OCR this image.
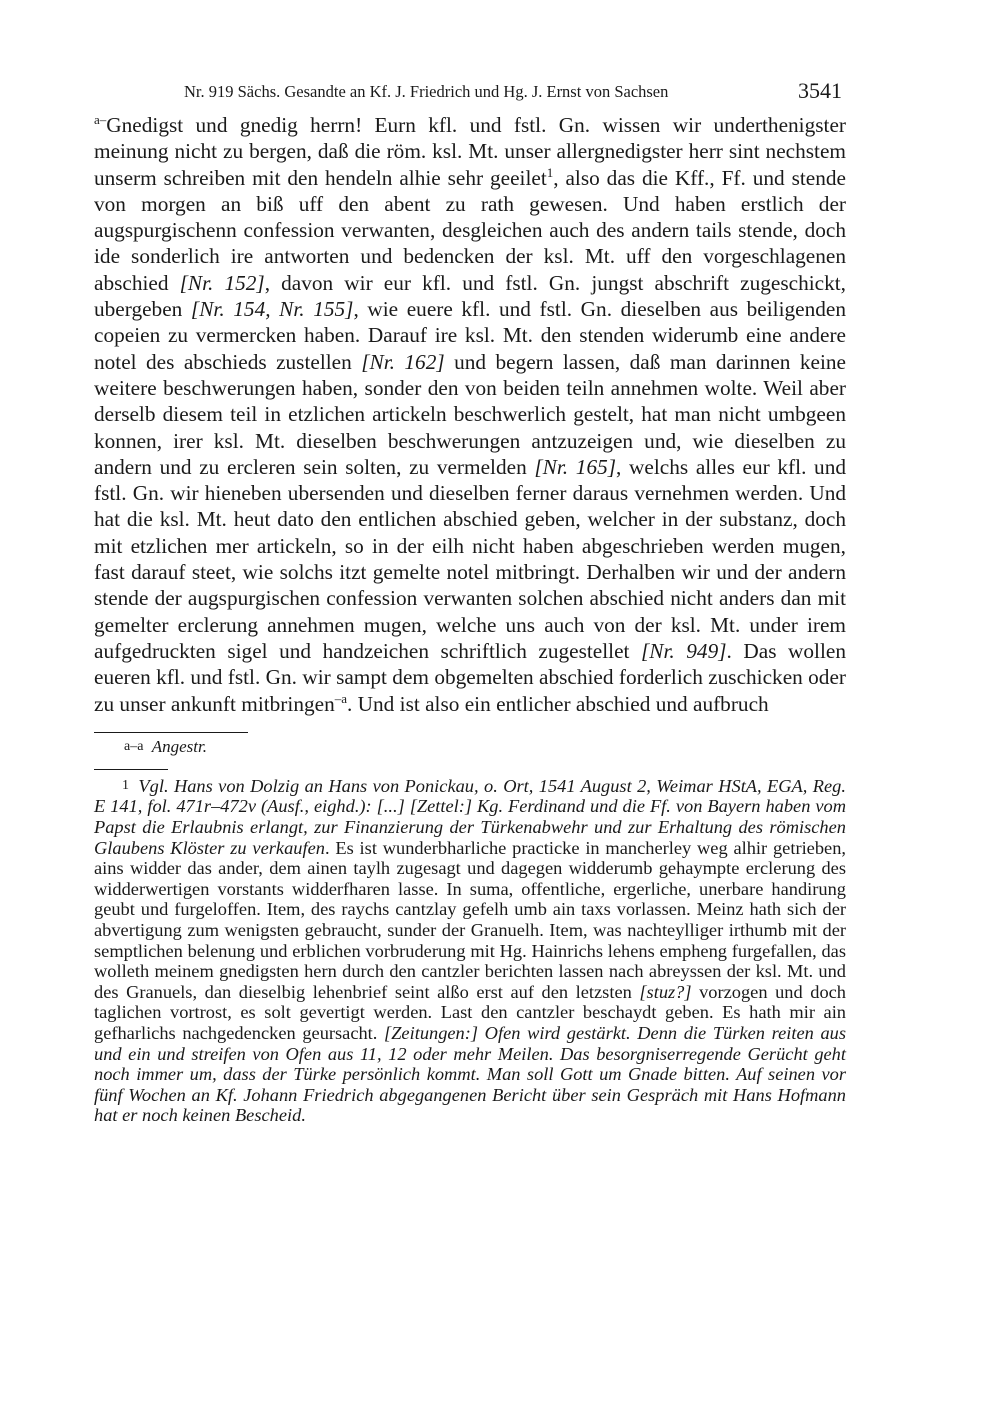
Nr. 919 Sächs. Gesandte an Kf. J. Friedrich und Hg. J. Ernst von Sachsen	3541

$^{a-}$Gnedigst und gnedig herrn! Eurn kfl. und fstl. Gn. wissen wir underthenigster meinung nicht zu bergen, daß die röm. ksl. Mt. unser allergnedigster herr sint nechstem unserm schreiben mit den hendeln alhie sehr geeilet$^1$, also das die Kff., Ff. und stende von morgen an biß uff den abent zu rath gewesen. Und haben erstlich der augspurgischenn confession verwanten, desgleichen auch des andern tails stende, doch ide sonderlich ire antworten und bedencken der ksl. Mt. uff den vorgeschlagenen abschied [Nr. 152], davon wir eur kfl. und fstl. Gn. jungst abschrift zugeschickt, ubergeben [Nr. 154, Nr. 155], wie euere kfl. und fstl. Gn. dieselben aus beiligenden copeien zu vermercken haben. Darauf ire ksl. Mt. den stenden widerumb eine andere notel des abschieds zustellen [Nr. 162] und begern lassen, daß man darinnen keine weitere beschwerungen haben, sonder den von beiden teiln annehmen wolte. Weil aber derselb diesem teil in etzlichen artickeln beschwerlich gestelt, hat man nicht umbgeen konnen, irer ksl. Mt. dieselben beschwerungen antzuzeigen und, wie dieselben zu andern und zu ercleren sein solten, zu vermelden [Nr. 165], welchs alles eur kfl. und fstl. Gn. wir hieneben ubersenden und dieselben ferner daraus vernehmen werden. Und hat die ksl. Mt. heut dato den entlichen abschied geben, welcher in der substanz, doch mit etzlichen mer artickeln, so in der eilh nicht haben abgeschrieben werden mugen, fast darauf steet, wie solchs itzt gemelte notel mitbringt. Derhalben wir und der andern stende der augspurgischen confession verwanten solchen abschied nicht anders dan mit gemelter erclerung annehmen mugen, welche uns auch von der ksl. Mt. under irem aufgedruckten sigel und handzeichen schriftlich zugestellet [Nr. 949]. Das wollen eueren kfl. und fstl. Gn. wir sampt dem obgemelten abschied forderlich zuschicken oder zu unser ankunft mitbringen$^{-a}$. Und ist also ein entlicher abschied und aufbruch

$^{a-a}$ Angestr.
$^1$ Vgl. Hans von Dolzig an Hans von Ponickau, o. Ort, 1541 August 2, Weimar HStA, EGA, Reg. E 141, fol. 471r–472v (Ausf., eighd.): [...] [Zettel:] Kg. Ferdinand und die Ff. von Bayern haben vom Papst die Erlaubnis erlangt, zur Finanzierung der Türkenabwehr und zur Erhaltung des römischen Glaubens Klöster zu verkaufen. Es ist wunderbharliche practicke in mancherley weg alhir getrieben, ains widder das ander, dem ainen taylh zugesagt und dagegen widderumb gehaympte erclerung des widderwertigen vorstants widderfharen lasse. In suma, offentliche, ergerliche, unerbare handirung geubt und furgeloffen. Item, des raychs cantzlay gefelh umb ain taxs vorlassen. Meinz hath sich der abvertigung zum wenigsten gebraucht, sunder der Granuelh. Item, was nachteylliger irthumb mit der semptlichen belenung und erblichen vorbruderung mit Hg. Hainrichs lehens empheng furgefallen, das wolleth meinem gnedigsten hern durch den cantzler berichten lassen nach abreyssen der ksl. Mt. und des Granuels, dan dieselbig lehenbrief seint alßo erst auf den letzsten [stuz?] vorzogen und doch taglichen vortrost, es solt gevertigt werden. Last den cantzler beschaydt geben. Es hath mir ain gefharlichs nachgedencken geursacht. [Zeitungen:] Ofen wird gestärkt. Denn die Türken reiten aus und ein und streifen von Ofen aus 11, 12 oder mehr Meilen. Das besorgniserregende Gerücht geht noch immer um, dass der Türke persönlich kommt. Man soll Gott um Gnade bitten. Auf seinen vor fünf Wochen an Kf. Johann Friedrich abgegangenen Bericht über sein Gespräch mit Hans Hofmann hat er noch keinen Bescheid.
